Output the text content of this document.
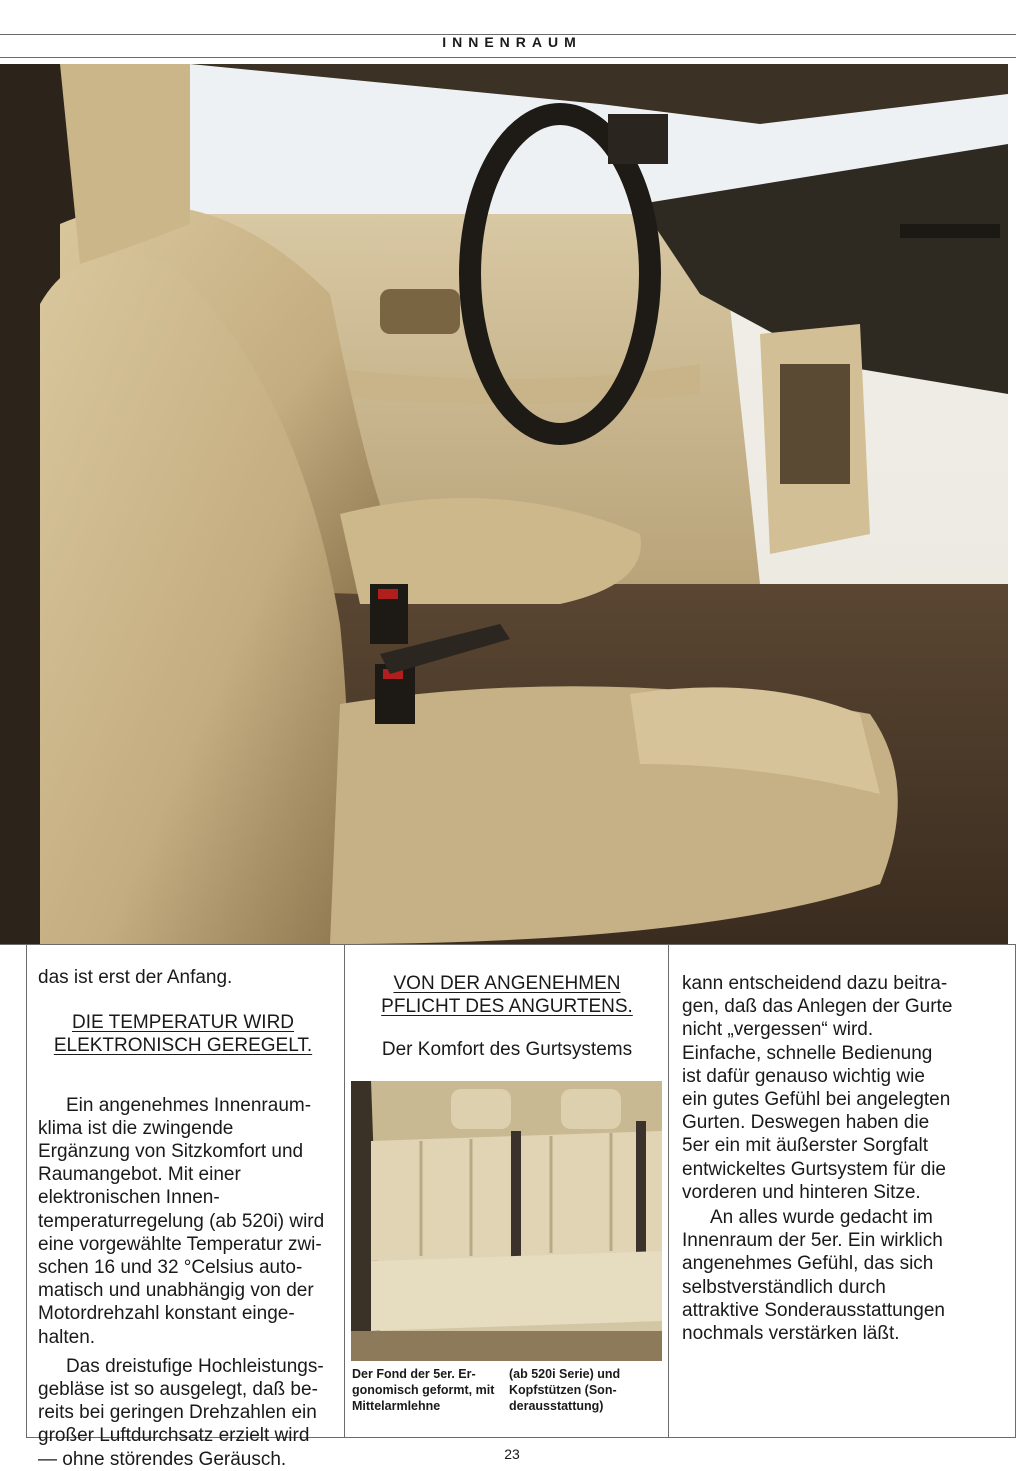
INNENRAUM

das ist erst der Anfang.

DIE TEMPERATUR WIRD
ELEKTRONISCH GEREGELT.

Ein angenehmes Innenraumklima ist die zwingende Ergänzung von Sitzkomfort und Raumangebot. Mit einer elektronischen Innentemperaturregelung (ab 520i) wird eine vorgewählte Temperatur zwischen 16 und 32 °Celsius automatisch und unabhängig von der Motordrehzahl konstant eingehalten.

Das dreistufige Hochleistungsgebläse ist so ausgelegt, daß bereits bei geringen Drehzahlen ein großer Luftdurchsatz erzielt wird — ohne störendes Geräusch.

VON DER ANGENEHMEN
PFLICHT DES ANGURTENS.
Der Komfort des Gurtsystems
Der Fond der 5er. Ergonomisch geformt, mit Mittelarmlehne
(ab 520i Serie) und Kopfstützen (Sonderausstattung)

kann entscheidend dazu beitragen, daß das Anlegen der Gurte nicht „vergessen“ wird. Einfache, schnelle Bedienung ist dafür genauso wichtig wie ein gutes Gefühl bei angelegten Gurten. Deswegen haben die 5er ein mit äußerster Sorgfalt entwickeltes Gurtsystem für die vorderen und hinteren Sitze.

An alles wurde gedacht im Innenraum der 5er. Ein wirklich angenehmes Gefühl, das sich selbstverständlich durch attraktive Sonderausstattungen nochmals verstärken läßt.

23
